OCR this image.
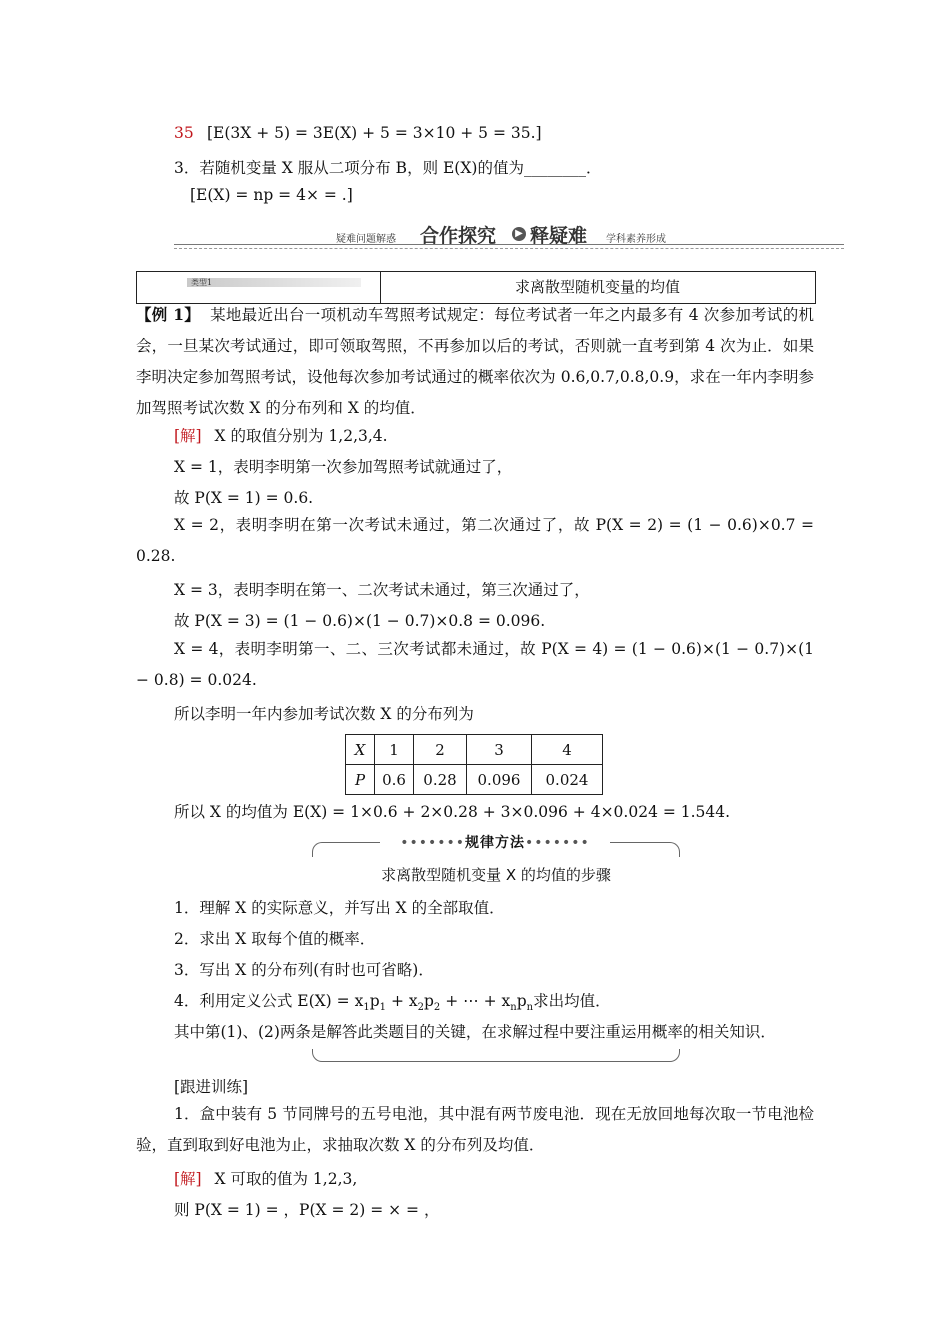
35 [E(3X + 5) = 3E(X) + 5 = 3×10 + 5 = 35.]
3．若随机变量 X 服从二项分布 B，则 E(X)的值为________．
[E(X) = np = 4× = .]
疑难问题解惑 合作探究	▶ 释疑难 学科素养形成
类型1	求离散型随机变量的均值
【例 1】 某地最近出台一项机动车驾照考试规定：每位考试者一年之内最多有 4 次参加考试的机会，一旦某次考试通过，即可领取驾照，不再参加以后的考试，否则就一直考到第 4 次为止．如果李明决定参加驾照考试，设他每次参加考试通过的概率依次为 0.6,0.7,0.8,0.9，求在一年内李明参加驾照考试次数 X 的分布列和 X 的均值．
[解] X 的取值分别为 1,2,3,4.
X = 1，表明李明第一次参加驾照考试就通过了，
故 P(X = 1) = 0.6.
X = 2，表明李明在第一次考试未通过，第二次通过了，故 P(X = 2) = (1 − 0.6)×0.7 = 0.28.
X = 3，表明李明在第一、二次考试未通过，第三次通过了，
故 P(X = 3) = (1 − 0.6)×(1 − 0.7)×0.8 = 0.096.
X = 4，表明李明第一、二、三次考试都未通过，故 P(X = 4) = (1 − 0.6)×(1 − 0.7)×(1 − 0.8) = 0.024.
所以李明一年内参加考试次数 X 的分布列为
X	1	2	3	4
P	0.6	0.28	0.096	0.024
所以 X 的均值为 E(X) = 1×0.6 + 2×0.28 + 3×0.096 + 4×0.024 = 1.544.
•••••••规律方法•••••••
求离散型随机变量 X 的均值的步骤
1．理解 X 的实际意义，并写出 X 的全部取值．
2．求出 X 取每个值的概率．
3．写出 X 的分布列(有时也可省略)．
4．利用定义公式 $E(X) = x_1p_1 + x_2p_2$ + ⋯ + $x_np_n$求出均值．
其中第(1)、(2)两条是解答此类题目的关键，在求解过程中要注重运用概率的相关知识．
[跟进训练]
1．盒中装有 5 节同牌号的五号电池，其中混有两节废电池．现在无放回地每次取一节电池检验，直到取到好电池为止，求抽取次数 X 的分布列及均值．
[解] X 可取的值为 1,2,3,
则 P(X = 1) = ，P(X = 2) = × = ，
